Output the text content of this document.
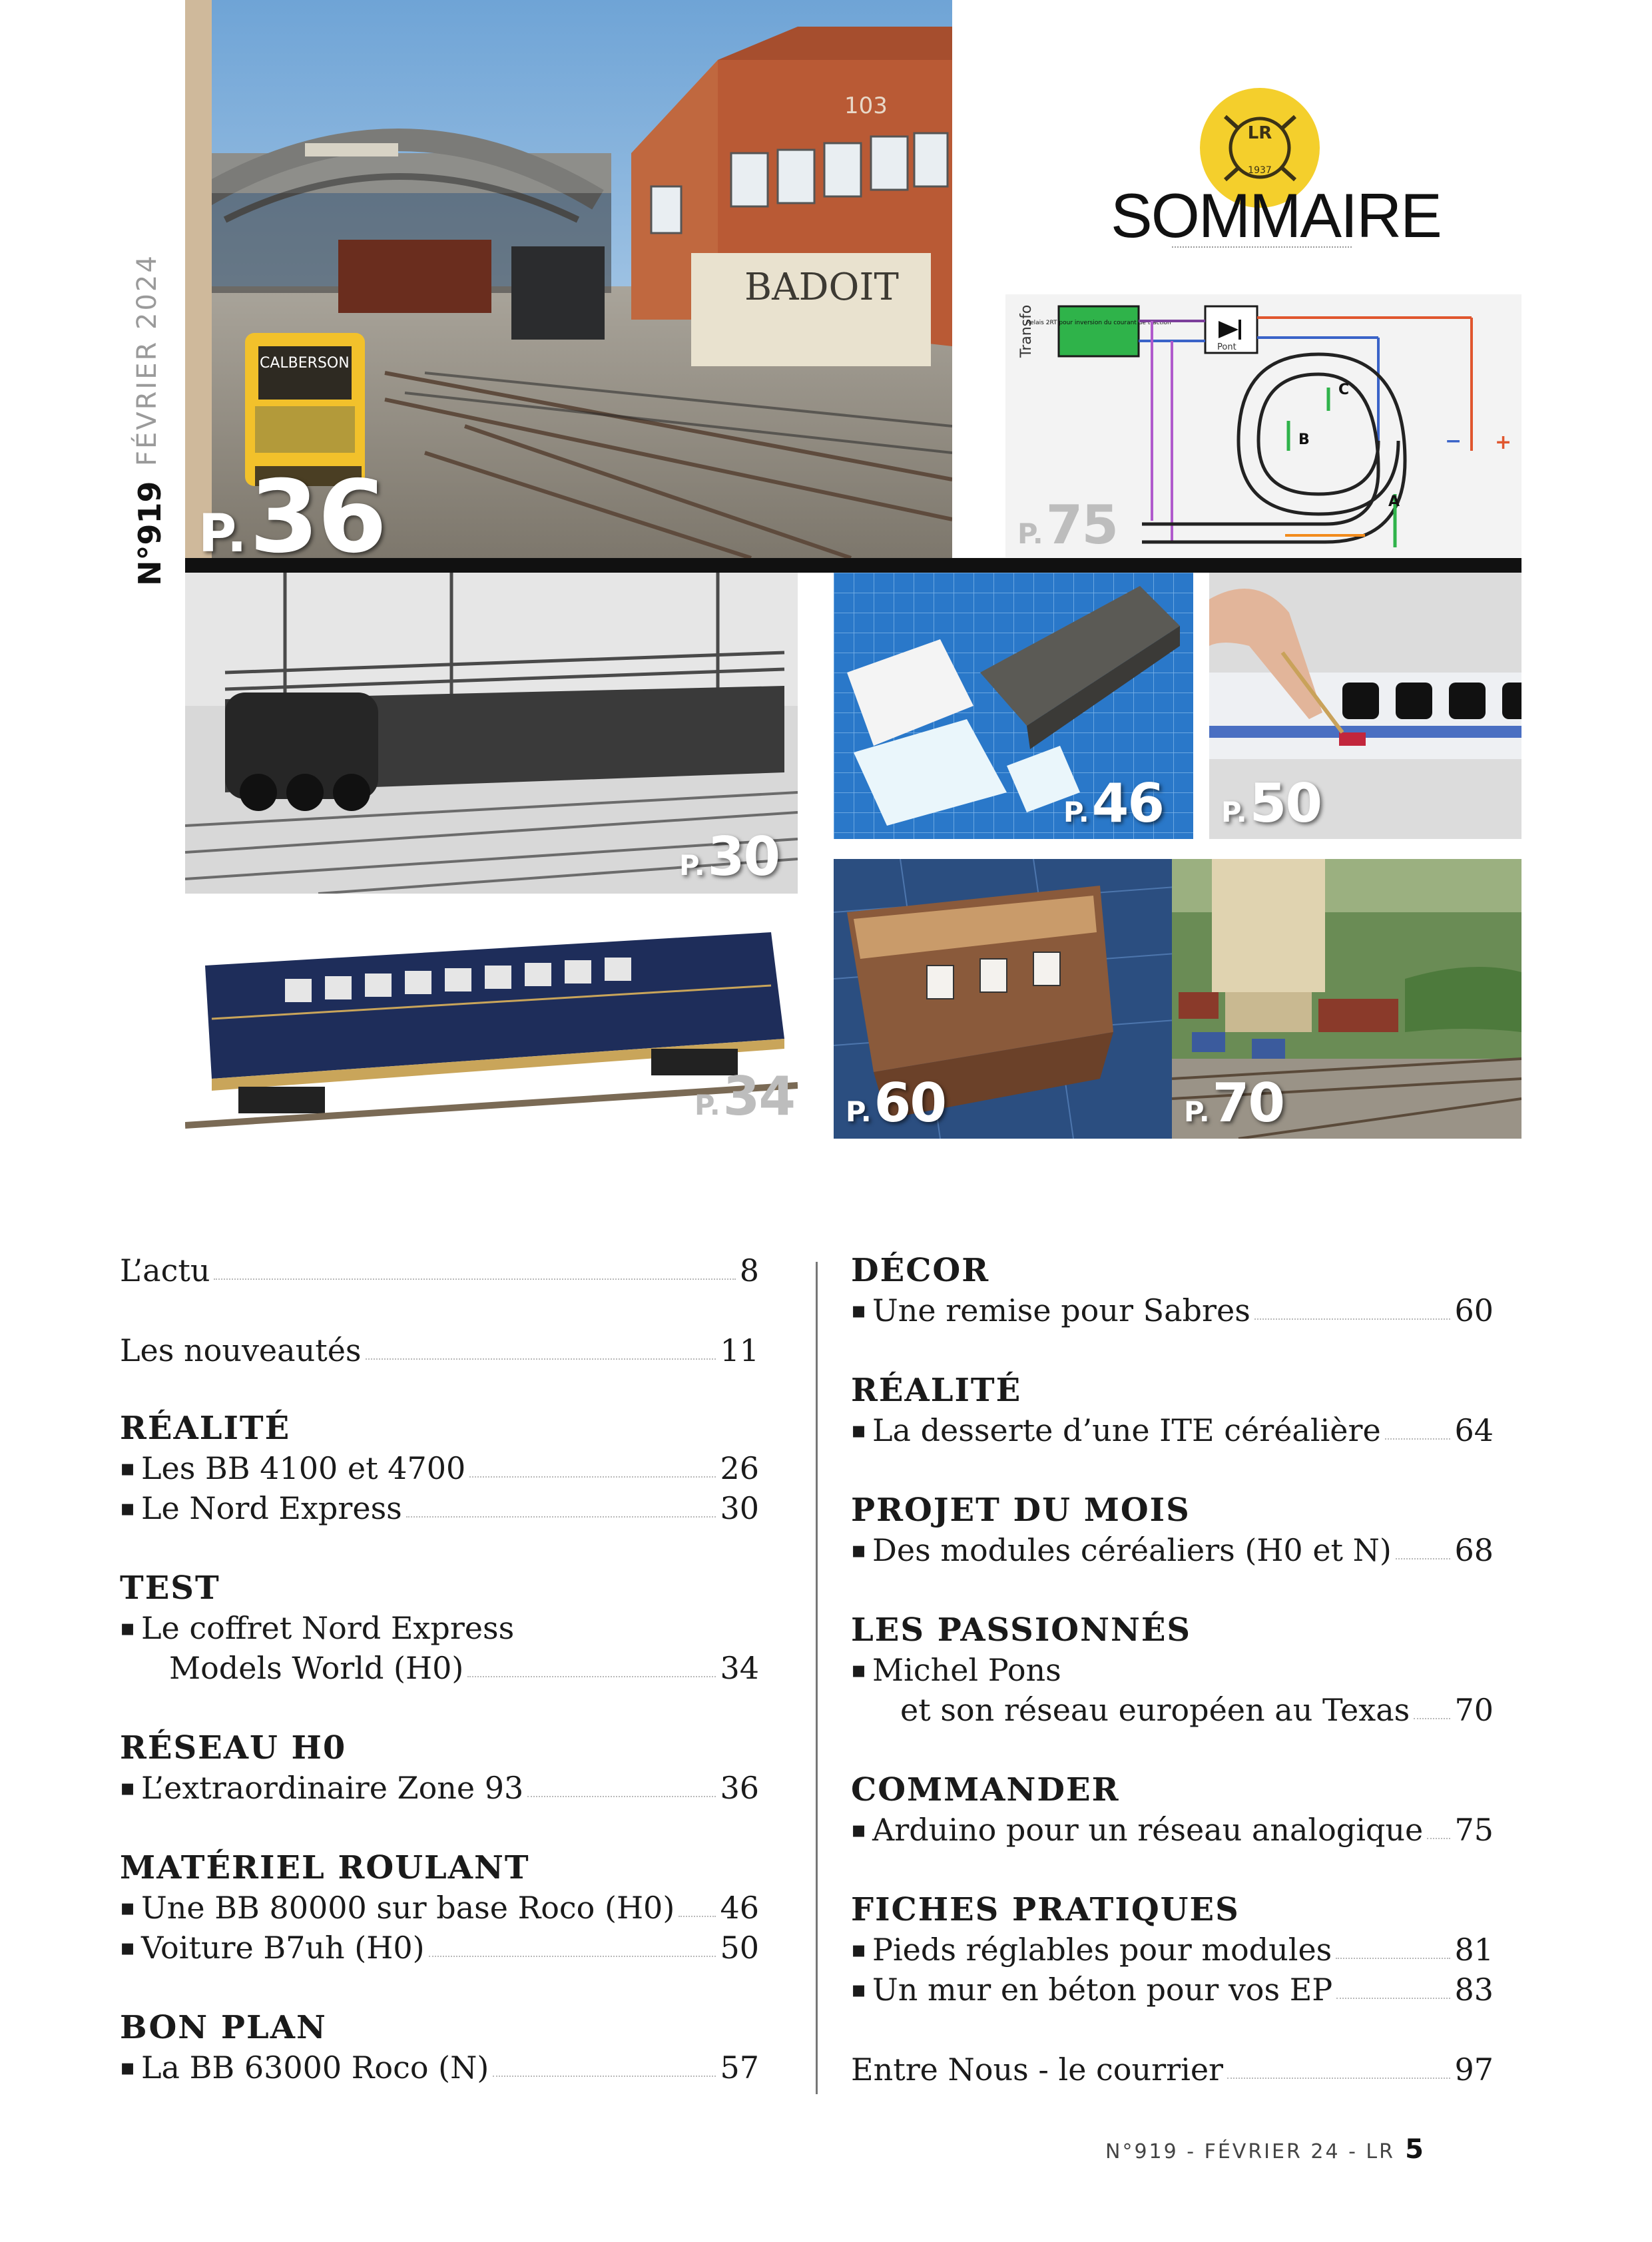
N°919
FÉVRIER 2024
103
BADOIT
CALBERSON
P.36
LR
1937
SOMMAIRE
Transfo
Relais 2RT pour inversion du courant de traction
Pont
A
B
C
− +
P.75
P.30
P.46 P.50
P.34 P.60	P.70
L’actu	8
Les nouveautés	11
RÉALITÉ
▪ Les BB 4100 et 4700	26
▪ Le Nord Express	30
TEST
▪ Le coffret Nord Express
Models World (H0)	34
RÉSEAU H0
▪ L’extraordinaire Zone 93	36
MATÉRIEL ROULANT
▪ Une BB 80000 sur base Roco (H0) 46
▪ Voiture B7uh (H0)	50
BON PLAN
▪ La BB 63000 Roco (N)	57
DÉCOR
▪ Une remise pour Sabres	60
RÉALITÉ
▪ La desserte d’une ITE céréalière 64
PROJET DU MOIS
▪ Des modules céréaliers (H0 et N) 68
LES PASSIONNÉS
▪ Michel Pons
et son réseau européen au Texas 70
COMMANDER
▪ Arduino pour un réseau analogique 75
FICHES PRATIQUES
▪ Pieds réglables pour modules	81
▪ Un mur en béton pour vos EP	83
Entre Nous - le courrier	97
N°919 - FÉVRIER 24 - LR 5
